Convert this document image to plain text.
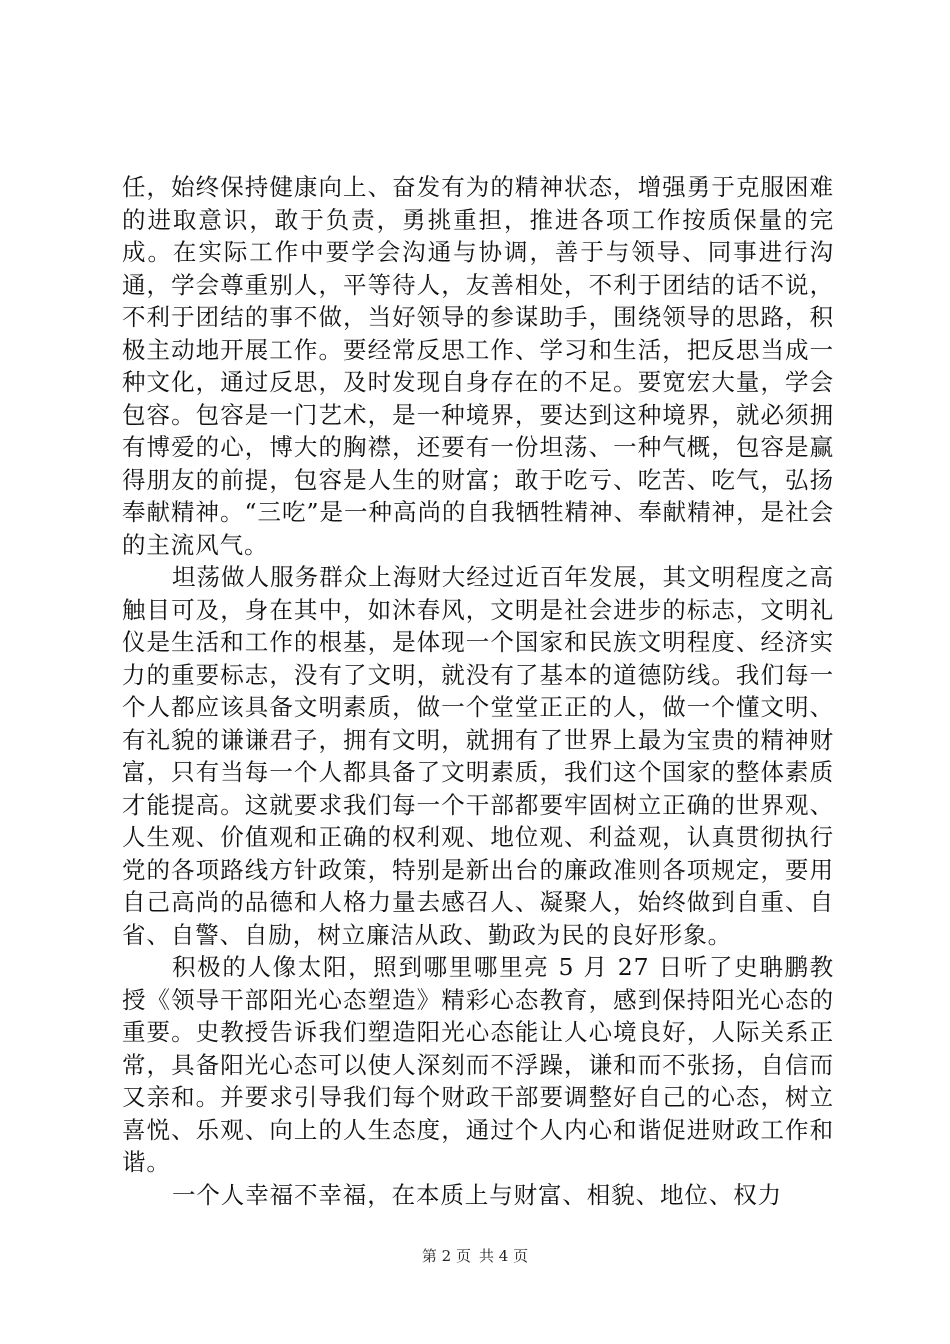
任，始终保持健康向上、奋发有为的精神状态，增强勇于克服困难的进取意识，敢于负责，勇挑重担，推进各项工作按质保量的完成。在实际工作中要学会沟通与协调，善于与领导、同事进行沟通，学会尊重别人，平等待人，友善相处，不利于团结的话不说，不利于团结的事不做，当好领导的参谋助手，围绕领导的思路，积极主动地开展工作。要经常反思工作、学习和生活，把反思当成一种文化，通过反思，及时发现自身存在的不足。要宽宏大量，学会包容。包容是一门艺术，是一种境界，要达到这种境界，就必须拥有博爱的心，博大的胸襟，还要有一份坦荡、一种气概，包容是赢得朋友的前提，包容是人生的财富；敢于吃亏、吃苦、吃气，弘扬奉献精神。“三吃”是一种高尚的自我牺牲精神、奉献精神，是社会的主流风气。

坦荡做人服务群众上海财大经过近百年发展，其文明程度之高触目可及，身在其中，如沐春风，文明是社会进步的标志，文明礼仪是生活和工作的根基，是体现一个国家和民族文明程度、经济实力的重要标志，没有了文明，就没有了基本的道德防线。我们每一个人都应该具备文明素质，做一个堂堂正正的人，做一个懂文明、有礼貌的谦谦君子，拥有文明，就拥有了世界上最为宝贵的精神财富，只有当每一个人都具备了文明素质，我们这个国家的整体素质才能提高。这就要求我们每一个干部都要牢固树立正确的世界观、人生观、价值观和正确的权利观、地位观、利益观，认真贯彻执行党的各项路线方针政策，特别是新出台的廉政准则各项规定，要用自己高尚的品德和人格力量去感召人、凝聚人，始终做到自重、自省、自警、自励，树立廉洁从政、勤政为民的良好形象。

积极的人像太阳，照到哪里哪里亮 5 月 27 日听了史聃鹏教授《领导干部阳光心态塑造》精彩心态教育，感到保持阳光心态的重要。史教授告诉我们塑造阳光心态能让人心境良好，人际关系正常，具备阳光心态可以使人深刻而不浮躁，谦和而不张扬，自信而又亲和。并要求引导我们每个财政干部要调整好自己的心态，树立喜悦、乐观、向上的人生态度，通过个人内心和谐促进财政工作和谐。

一个人幸福不幸福，在本质上与财富、相貌、地位、权力

第 2 页 共 4 页
